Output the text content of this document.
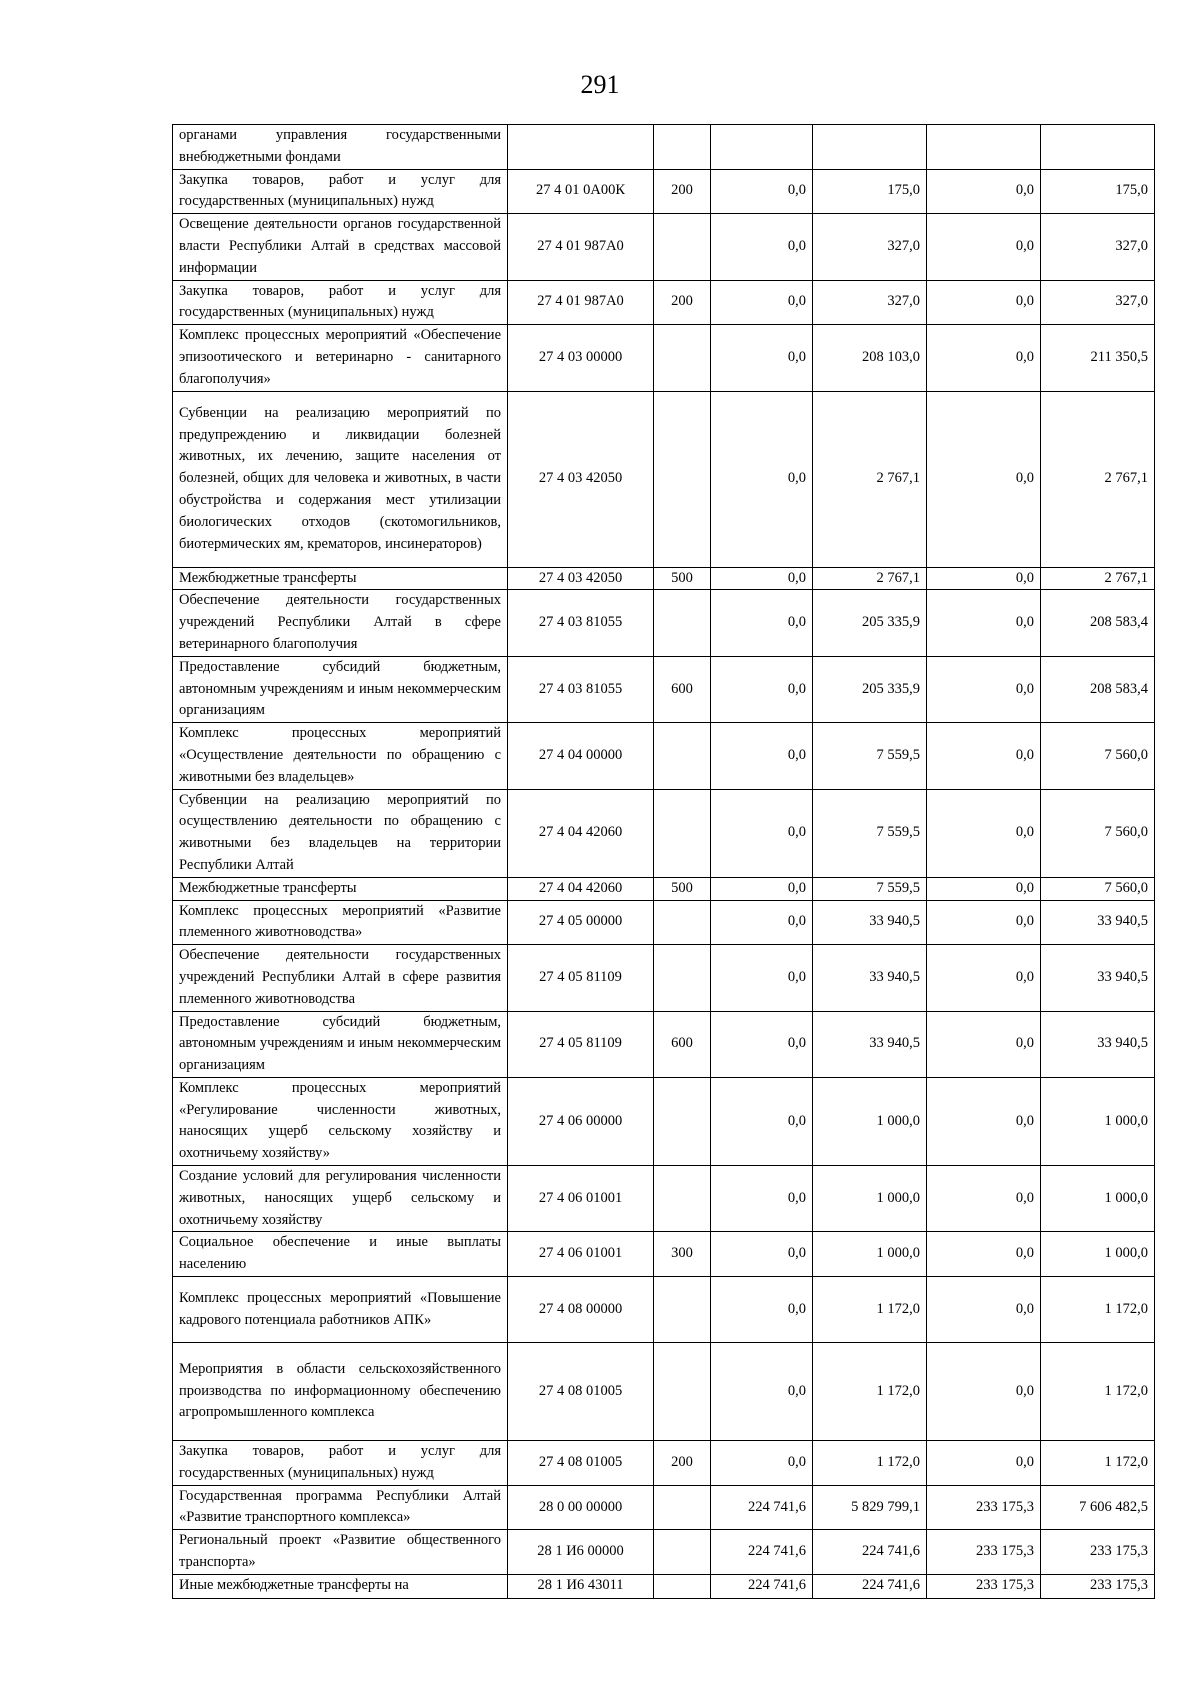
291
органами управления государственными внебюджетными фондами						
Закупка товаров, работ и услуг для государственных (муниципальных) нужд	27 4 01 0А00К	200	0,0	175,0	0,0	175,0
Освещение деятельности органов государственной власти Республики Алтай в средствах массовой информации	27 4 01 987А0		0,0	327,0	0,0	327,0
Закупка товаров, работ и услуг для государственных (муниципальных) нужд	27 4 01 987А0	200	0,0	327,0	0,0	327,0
Комплекс процессных мероприятий «Обеспечение эпизоотического и ветеринарно - санитарного благополучия»	27 4 03 00000		0,0	208 103,0	0,0	211 350,5
Субвенции на реализацию мероприятий по предупреждению и ликвидации болезней животных, их лечению, защите населения от болезней, общих для человека и животных, в части обустройства и содержания мест утилизации биологических отходов (скотомогильников, биотермических ям, крематоров, инсинераторов)	27 4 03 42050		0,0	2 767,1	0,0	2 767,1
Межбюджетные трансферты	27 4 03 42050	500	0,0	2 767,1	0,0	2 767,1
Обеспечение деятельности государственных учреждений Республики Алтай в сфере ветеринарного благополучия	27 4 03 81055		0,0	205 335,9	0,0	208 583,4
Предоставление субсидий бюджетным, автономным учреждениям и иным некоммерческим организациям	27 4 03 81055	600	0,0	205 335,9	0,0	208 583,4
Комплекс процессных мероприятий «Осуществление деятельности по обращению с животными без владельцев»	27 4 04 00000		0,0	7 559,5	0,0	7 560,0
Субвенции на реализацию мероприятий по осуществлению деятельности по обращению с животными без владельцев на территории Республики Алтай	27 4 04 42060		0,0	7 559,5	0,0	7 560,0
Межбюджетные трансферты	27 4 04 42060	500	0,0	7 559,5	0,0	7 560,0
Комплекс процессных мероприятий «Развитие племенного животноводства»	27 4 05 00000		0,0	33 940,5	0,0	33 940,5
Обеспечение деятельности государственных учреждений Республики Алтай в сфере развития племенного животноводства	27 4 05 81109		0,0	33 940,5	0,0	33 940,5
Предоставление субсидий бюджетным, автономным учреждениям и иным некоммерческим организациям	27 4 05 81109	600	0,0	33 940,5	0,0	33 940,5
Комплекс процессных мероприятий «Регулирование численности животных, наносящих ущерб сельскому хозяйству и охотничьему хозяйству»	27 4 06 00000		0,0	1 000,0	0,0	1 000,0
Создание условий для регулирования численности животных, наносящих ущерб сельскому и охотничьему хозяйству	27 4 06 01001		0,0	1 000,0	0,0	1 000,0
Социальное обеспечение и иные выплаты населению	27 4 06 01001	300	0,0	1 000,0	0,0	1 000,0
Комплекс процессных мероприятий «Повышение кадрового потенциала работников АПК»	27 4 08 00000		0,0	1 172,0	0,0	1 172,0
Мероприятия в области сельскохозяйственного производства по информационному обеспечению агропромышленного комплекса	27 4 08 01005		0,0	1 172,0	0,0	1 172,0
Закупка товаров, работ и услуг для государственных (муниципальных) нужд	27 4 08 01005	200	0,0	1 172,0	0,0	1 172,0
Государственная программа Республики Алтай «Развитие транспортного комплекса»	28 0 00 00000		224 741,6	5 829 799,1	233 175,3	7 606 482,5
Региональный проект «Развитие общественного транспорта»	28 1 И6 00000		224 741,6	224 741,6	233 175,3	233 175,3
Иные межбюджетные трансферты на	28 1 И6 43011		224 741,6	224 741,6	233 175,3	233 175,3
